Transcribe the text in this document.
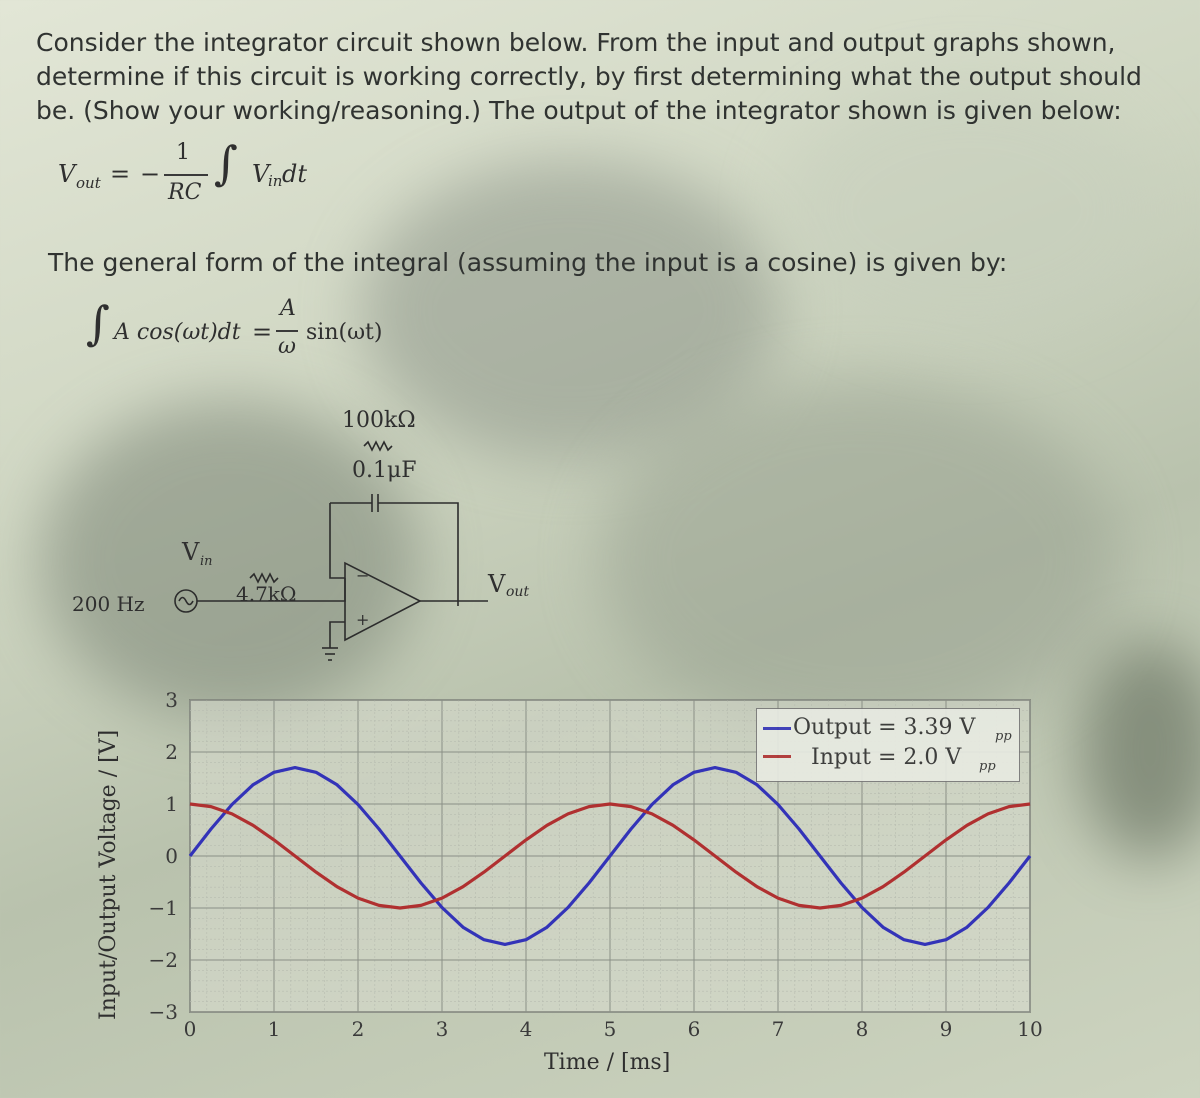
Consider the integrator circuit shown below. From the input and output graphs shown,
determine if this circuit is working correctly, by first determining what the output should
be. (Show your working/reasoning.) The output of the integrator shown is given below:
V out = −
1
RC
∫ V
in dt
The general form of the integral (assuming the input is a cosine) is given by:
∫ A cos(ωt)dt =
A
ω
sin(ωt)
100kΩ
0.1μF
V in
200 Hz	4.7kΩ	V out
−
+
0	1	2	3	4	5	6	7	8	9	10
3
2
1
0
−1
−2
−3
Output = 3.39 V pp
Input = 2.0 V pp
Time / [ms]
Input/Output Voltage / [V]
